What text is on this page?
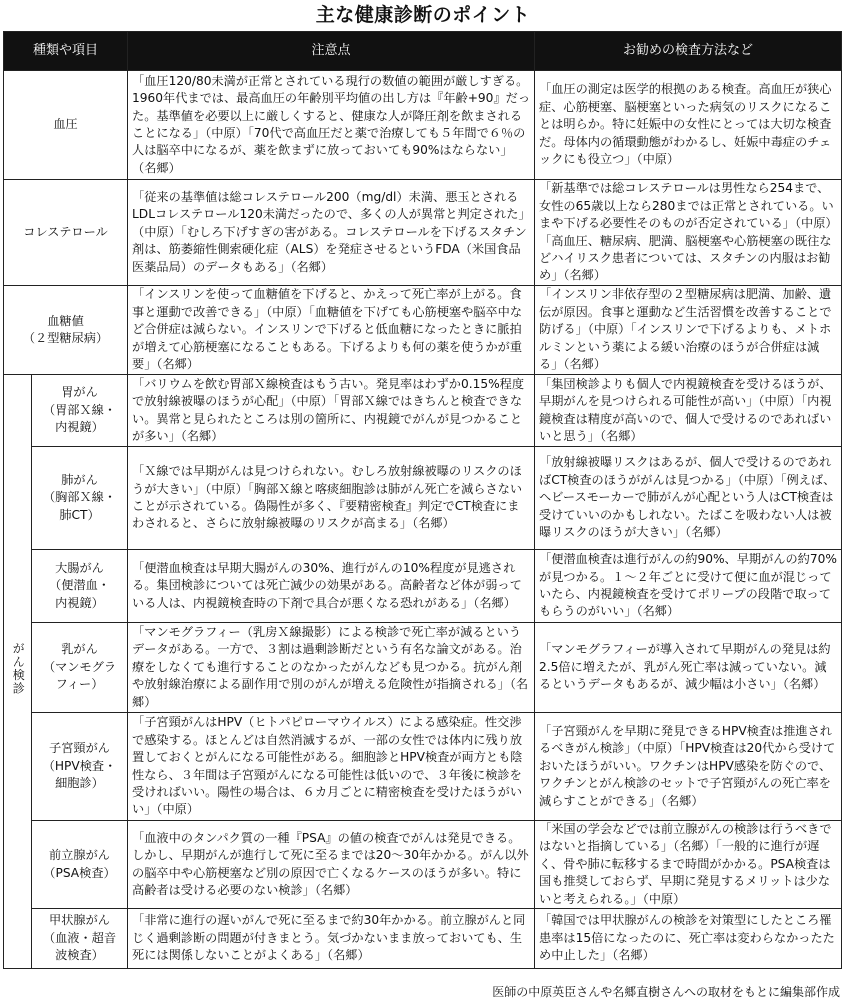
主な健康診断のポイント
種類や項目		注意点	お勧めの検査方法など
血圧		「血圧120/80未満が正常とされている現行の数値の範囲が厳しすぎる。1960年代までは、最高血圧の年齢別平均値の出し方は『年齢+90』だった。基準値を必要以上に厳しくすると、健康な人が降圧剤を飲まされることになる」（中原）「70代で高血圧だと薬で治療しても５年間で６％の人は脳卒中になるが、薬を飲まずに放っておいても90%はならない」（名郷）	「血圧の測定は医学的根拠のある検査。高血圧が狭心症、心筋梗塞、脳梗塞といった病気のリスクになることは明らか。特に妊娠中の女性にとっては大切な検査だ。母体内の循環動態がわかるし、妊娠中毒症のチェックにも役立つ」（中原）
コレステロール		「従来の基準値は総コレステロール200（mg/dl）未満、悪玉とされるLDLコレステロール120未満だったので、多くの人が異常と判定された」（中原）「むしろ下げすぎの害がある。コレステロールを下げるスタチン剤は、筋萎縮性側索硬化症（ALS）を発症させるというFDA（米国食品医薬品局）のデータもある」（名郷）	「新基準では総コレステロールは男性なら254まで、女性の65歳以上なら280までは正常とされている。いまや下げる必要性そのものが否定されている」（中原）「高血圧、糖尿病、肥満、脳梗塞や心筋梗塞の既往などハイリスク患者については、スタチンの内服はお勧め」（名郷）
血糖値
（２型糖尿病）		「インスリンを使って血糖値を下げると、かえって死亡率が上がる。食事と運動で改善できる」（中原）「血糖値を下げても心筋梗塞や脳卒中など合併症は減らない。インスリンで下げると低血糖になったときに脈拍が増えて心筋梗塞になることもある。下げるよりも何の薬を使うかが重要」（名郷）	「インスリン非依存型の２型糖尿病は肥満、加齢、遺伝が原因。食事と運動など生活習慣を改善することで防げる」（中原）「インスリンで下げるよりも、メトホルミンという薬による緩い治療のほうが合併症は減る」（名郷）
がん検診	胃がん
（胃部Ｘ線・
内視鏡）	「バリウムを飲む胃部Ｘ線検査はもう古い。発見率はわずか0.15%程度で放射線被曝のほうが心配」（中原）「胃部Ｘ線ではきちんと検査できない。異常と見られたところは別の箇所に、内視鏡でがんが見つかることが多い」（名郷）	「集団検診よりも個人で内視鏡検査を受けるほうが、早期がんを見つけられる可能性が高い」（中原）「内視鏡検査は精度が高いので、個人で受けるのであればいいと思う」（名郷）
	肺がん
（胸部Ｘ線・
肺CT）	「Ｘ線では早期がんは見つけられない。むしろ放射線被曝のリスクのほうが大きい」（中原）「胸部Ｘ線と喀痰細胞診は肺がん死亡を減らさないことが示されている。偽陽性が多く、『要精密検査』判定でCT検査にまわされると、さらに放射線被曝のリスクが高まる」（名郷）	「放射線被曝リスクはあるが、個人で受けるのであればCT検査のほうががんは見つかる」（中原）「例えば、ヘビースモーカーで肺がんが心配という人はCT検査は受けていいのかもしれない。たばこを吸わない人は被曝リスクのほうが大きい」（名郷）
	大腸がん
（便潜血・
内視鏡）	「便潜血検査は早期大腸がんの30%、進行がんの10%程度が見逃される。集団検診については死亡減少の効果がある。高齢者など体が弱っている人は、内視鏡検査時の下剤で具合が悪くなる恐れがある」（名郷）	「便潜血検査は進行がんの約90%、早期がんの約70%が見つかる。１～２年ごとに受けて便に血が混じっていたら、内視鏡検査を受けてポリープの段階で取ってもらうのがいい」（名郷）
	乳がん
（マンモグラ
フィー）	「マンモグラフィー（乳房Ｘ線撮影）による検診で死亡率が減るというデータがある。一方で、３割は過剰診断だという有名な論文がある。治療をしなくても進行することのなかったがんなども見つかる。抗がん剤や放射線治療による副作用で別のがんが増える危険性が指摘される」（名郷）	「マンモグラフィーが導入されて早期がんの発見は約2.5倍に増えたが、乳がん死亡率は減っていない。減るというデータもあるが、減少幅は小さい」（名郷）
	子宮頸がん
（HPV検査・
細胞診）	「子宮頸がんはHPV（ヒトパピローマウイルス）による感染症。性交渉で感染する。ほとんどは自然消滅するが、一部の女性では体内に残り放置しておくとがんになる可能性がある。細胞診とHPV検査が両方とも陰性なら、３年間は子宮頸がんになる可能性は低いので、３年後に検診を受ければいい。陽性の場合は、６カ月ごとに精密検査を受けたほうがいい」（中原）	「子宮頸がんを早期に発見できるHPV検査は推進されるべきがん検診」（中原）「HPV検査は20代から受けておいたほうがいい。ワクチンはHPV感染を防ぐので、ワクチンとがん検診のセットで子宮頸がんの死亡率を減らすことができる」（名郷）
	前立腺がん
（PSA検査）	「血液中のタンパク質の一種『PSA』の値の検査でがんは発見できる。しかし、早期がんが進行して死に至るまでは20～30年かかる。がん以外の脳卒中や心筋梗塞など別の原因で亡くなるケースのほうが多い。特に高齢者は受ける必要のない検診」（名郷）	「米国の学会などでは前立腺がんの検診は行うべきではないと指摘している」（名郷）「一般的に進行が遅く、骨や肺に転移するまで時間がかかる。PSA検査は国も推奨しておらず、早期に発見するメリットは少ないと考えられる。」（中原）
	甲状腺がん
（血液・超音
波検査）	「非常に進行の遅いがんで死に至るまで約30年かかる。前立腺がんと同じく過剰診断の問題が付きまとう。気づかないまま放っておいても、生死には関係しないことがよくある」（名郷）	「韓国では甲状腺がんの検診を対策型にしたところ罹患率は15倍になったのに、死亡率は変わらなかったため中止した」（名郷）
医師の中原英臣さんや名郷直樹さんへの取材をもとに編集部作成
